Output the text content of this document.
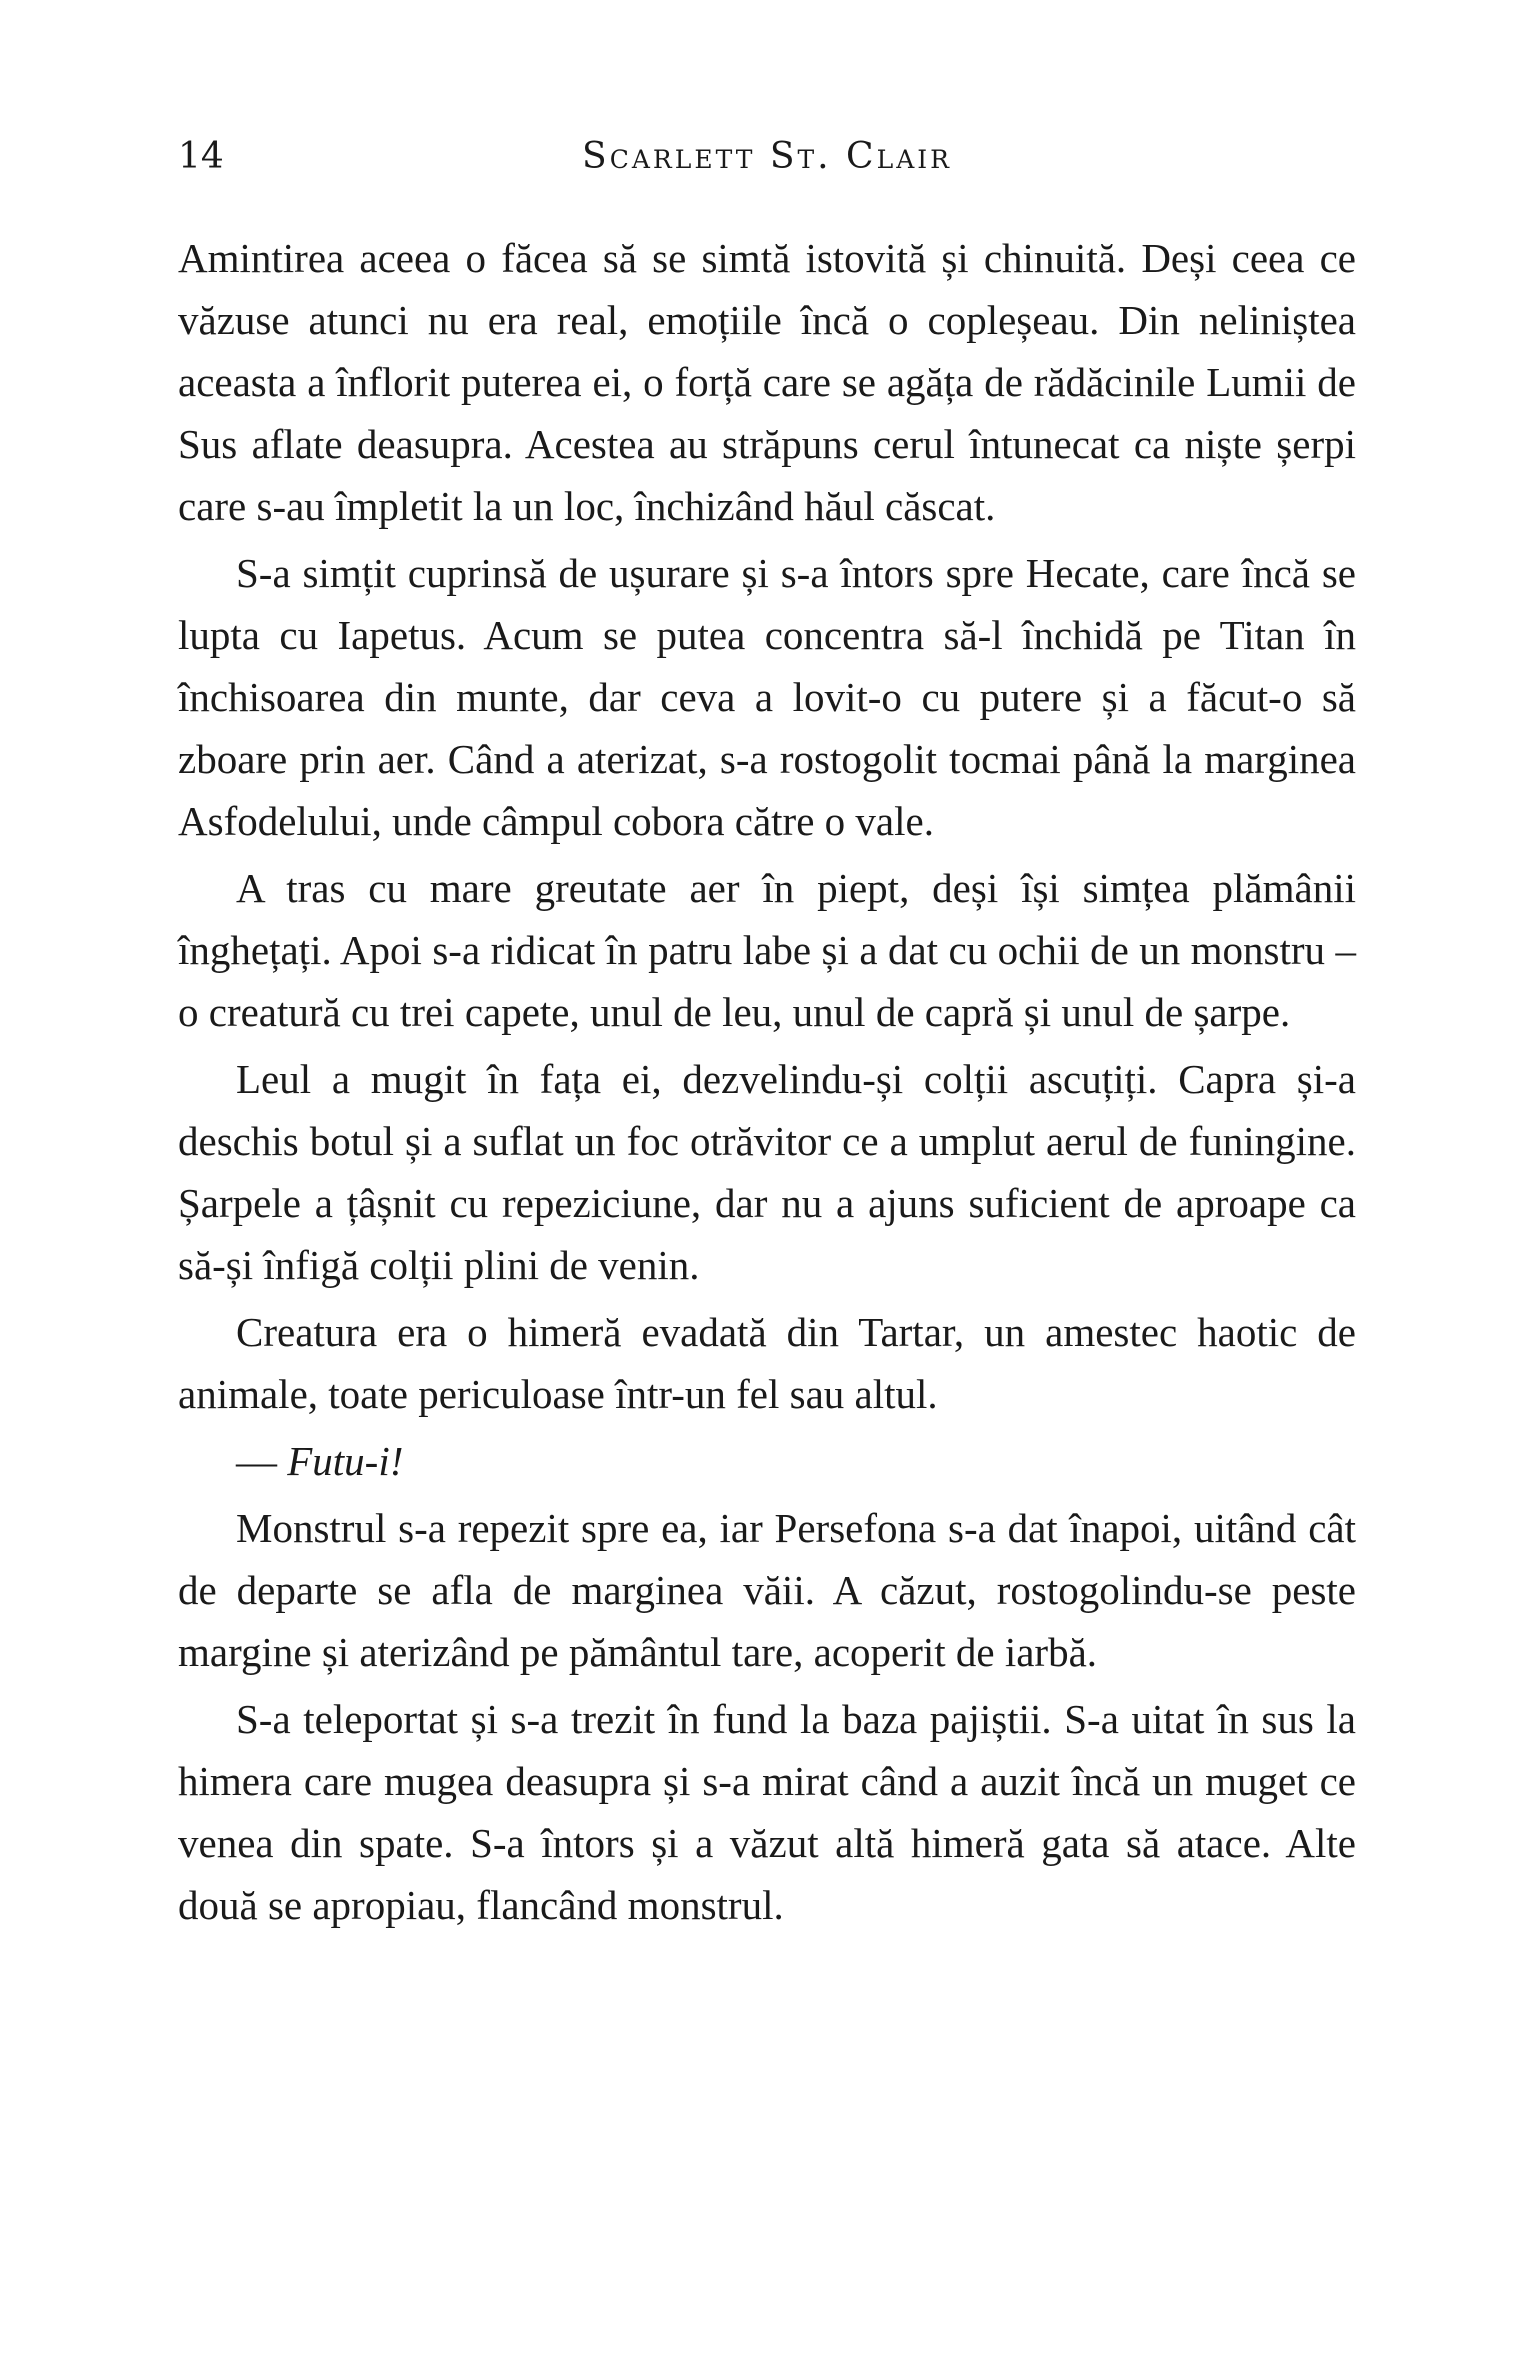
14	Scarlett St. Clair

Amintirea aceea o făcea să se simtă istovită și chinuită. Deși ceea ce văzuse atunci nu era real, emoțiile încă o copleșeau. Din neliniștea aceasta a înflorit puterea ei, o forță care se agăța de rădăcinile Lumii de Sus aflate deasupra. Acestea au străpuns cerul întunecat ca niște șerpi care s-au împletit la un loc, închizând hăul căscat.

S-a simțit cuprinsă de ușurare și s-a întors spre Hecate, care încă se lupta cu Iapetus. Acum se putea concentra să-l închidă pe Titan în închisoarea din munte, dar ceva a lovit-o cu putere și a făcut-o să zboare prin aer. Când a aterizat, s-a rostogolit tocmai până la marginea Asfodelului, unde câmpul cobora către o vale.

A tras cu mare greutate aer în piept, deși își simțea plămânii înghețați. Apoi s-a ridicat în patru labe și a dat cu ochii de un monstru – o creatură cu trei capete, unul de leu, unul de capră și unul de șarpe.

Leul a mugit în fața ei, dezvelindu-și colții ascuțiți. Capra și-a deschis botul și a suflat un foc otrăvitor ce a umplut aerul de funingine. Șarpele a țâșnit cu repeziciune, dar nu a ajuns suficient de aproape ca să-și înfigă colții plini de venin.

Creatura era o himeră evadată din Tartar, un amestec haotic de animale, toate periculoase într-un fel sau altul.

— Futu-i!

Monstrul s-a repezit spre ea, iar Persefona s-a dat înapoi, uitând cât de departe se afla de marginea văii. A căzut, rostogolindu-se peste margine și aterizând pe pământul tare, acoperit de iarbă.

S-a teleportat și s-a trezit în fund la baza pajiștii. S-a uitat în sus la himera care mugea deasupra și s-a mirat când a auzit încă un muget ce venea din spate. S-a întors și a văzut altă himeră gata să atace. Alte două se apropiau, flancând monstrul.
